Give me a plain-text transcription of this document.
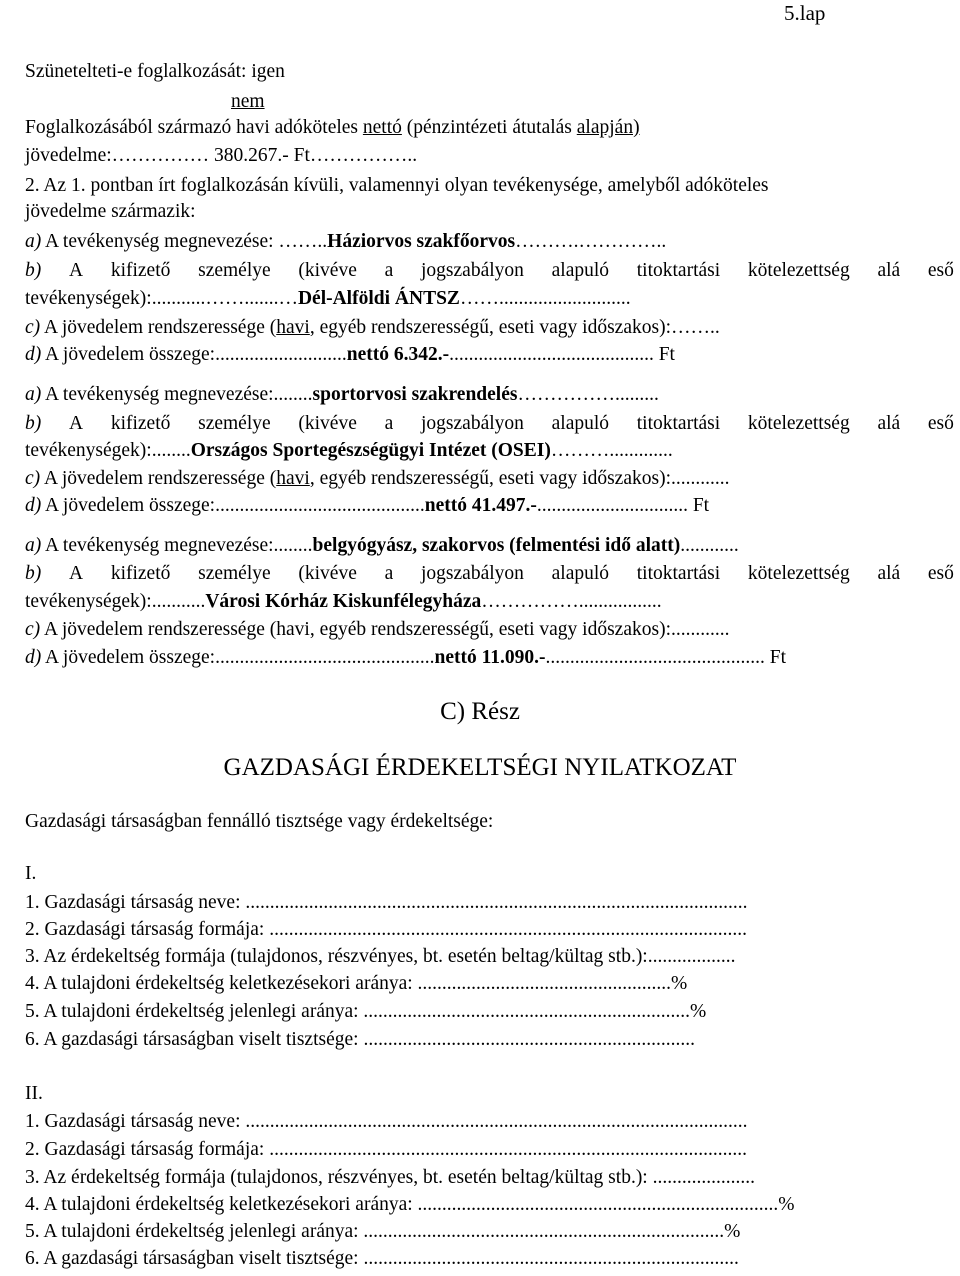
5.lap
Szünetelteti-e foglalkozását: igen
nem
Foglalkozásából származó havi adóköteles nettó (pénzintézeti átutalás alapján)
jövedelme:…………… 380.267.- Ft……………..
2. Az 1. pontban írt foglalkozásán kívüli, valamennyi olyan tevékenysége, amelyből adóköteles
jövedelme származik:
a) A tevékenység megnevezése: ……..Háziorvos szakfőorvos……….…………..
b) A kifizető személye (kivéve a jogszabályon alapuló titoktartási kötelezettség alá eső
tevékenységek):...........…….......…Dél-Alföldi ÁNTSZ……...........................
c) A jövedelem rendszeressége (havi, egyéb rendszerességű, eseti vagy időszakos):……..
d) A jövedelem összege:...........................nettó 6.342.-.......................................... Ft
a) A tevékenység megnevezése:........sportorvosi szakrendelés…………….........
b) A kifizető személye (kivéve a jogszabályon alapuló titoktartási kötelezettség alá eső
tevékenységek):........Országos Sportegészségügyi Intézet (OSEI)……….............
c) A jövedelem rendszeressége (havi, egyéb rendszerességű, eseti vagy időszakos):............
d) A jövedelem összege:...........................................nettó 41.497.-............................... Ft
a) A tevékenység megnevezése:........belgyógyász, szakorvos (felmentési idő alatt)............
b) A kifizető személye (kivéve a jogszabályon alapuló titoktartási kötelezettség alá eső
tevékenységek):...........Városi Kórház Kiskunfélegyháza…………….................
c) A jövedelem rendszeressége (havi, egyéb rendszerességű, eseti vagy időszakos):............
d) A jövedelem összege:.............................................nettó 11.090.-............................................. Ft
C) Rész
GAZDASÁGI ÉRDEKELTSÉGI NYILATKOZAT
Gazdasági társaságban fennálló tisztsége vagy érdekeltsége:
I.
1. Gazdasági társaság neve: .......................................................................................................
2. Gazdasági társaság formája: ..................................................................................................
3. Az érdekeltség formája (tulajdonos, részvényes, bt. esetén beltag/kültag stb.):..................
4. A tulajdoni érdekeltség keletkezésekori aránya: ....................................................%
5. A tulajdoni érdekeltség jelenlegi aránya: ...................................................................%
6. A gazdasági társaságban viselt tisztsége: ....................................................................
II.
1. Gazdasági társaság neve: .......................................................................................................
2. Gazdasági társaság formája: ..................................................................................................
3. Az érdekeltség formája (tulajdonos, részvényes, bt. esetén beltag/kültag stb.): .....................
4. A tulajdoni érdekeltség keletkezésekori aránya: ..........................................................................%
5. A tulajdoni érdekeltség jelenlegi aránya: ..........................................................................%
6. A gazdasági társaságban viselt tisztsége: .............................................................................
